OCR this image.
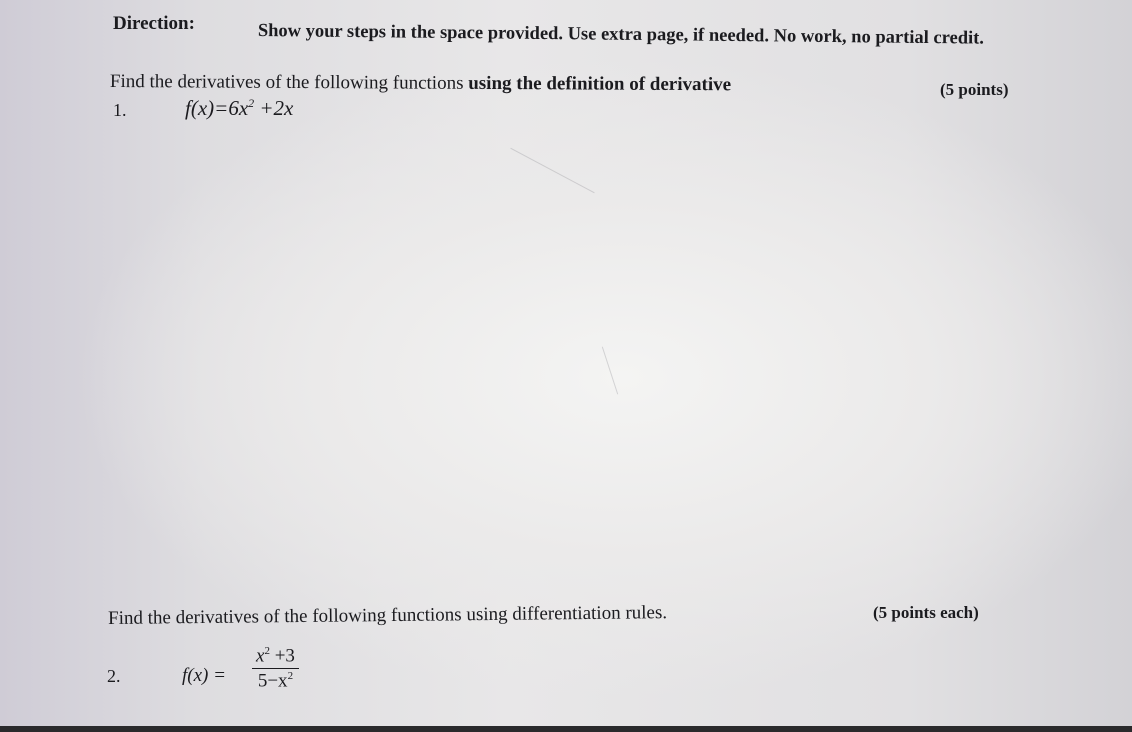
Direction:	Show your steps in the space provided. Use extra page, if needed. No work, no partial credit.
Find the derivatives of the following functions using the definition of derivative	(5 points)
1.	$f(x)=6x^2 +2x$
Find the derivatives of the following functions using differentiation rules.	(5 points each)
2.	$f(x) = \frac{x^2 +3}{5-x^2}$
